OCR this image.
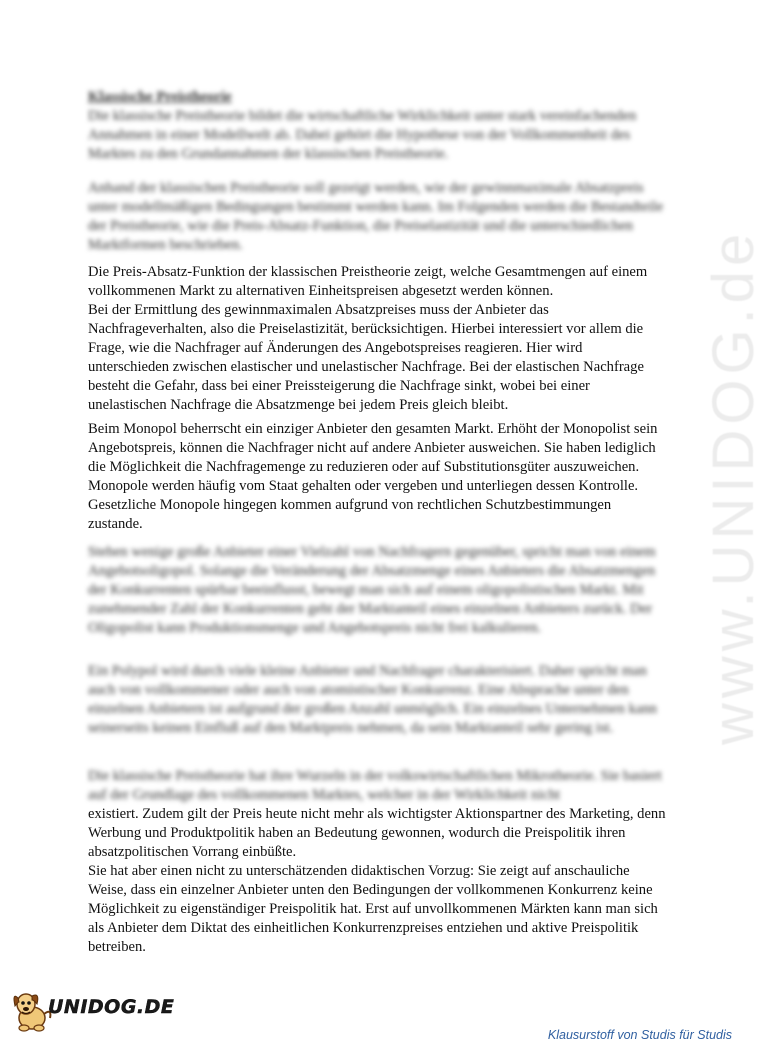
www.UNIDOG.de
Klassische Preistheorie
Die klassische Preistheorie bildet die wirtschaftliche Wirklichkeit unter stark vereinfachenden Annahmen in einer Modellwelt ab. Dabei gehört die Hypothese von der Vollkommenheit des Marktes zu den Grundannahmen der klassischen Preistheorie.
Anhand der klassischen Preistheorie soll gezeigt werden, wie der gewinnmaximale Absatzpreis unter modellmäßigen Bedingungen bestimmt werden kann. Im Folgenden werden die Bestandteile der Preistheorie, wie die Preis-Absatz-Funktion, die Preiselastizität und die unterschiedlichen Marktformen beschrieben.
Die Preis-Absatz-Funktion der klassischen Preistheorie zeigt, welche Gesamtmengen auf einem vollkommenen Markt zu alternativen Einheitspreisen abgesetzt werden können.
Bei der Ermittlung des gewinnmaximalen Absatzpreises muss der Anbieter das Nachfrageverhalten, also die Preiselastizität, berücksichtigen. Hierbei interessiert vor allem die Frage, wie die Nachfrager auf Änderungen des Angebotspreises reagieren. Hier wird unterschieden zwischen elastischer und unelastischer Nachfrage. Bei der elastischen Nachfrage besteht die Gefahr, dass bei einer Preissteigerung die Nachfrage sinkt, wobei bei einer unelastischen Nachfrage die Absatzmenge bei jedem Preis gleich bleibt.
Beim Monopol beherrscht ein einziger Anbieter den gesamten Markt. Erhöht der Monopolist sein Angebotspreis, können die Nachfrager nicht auf andere Anbieter ausweichen. Sie haben lediglich die Möglichkeit die Nachfragemenge zu reduzieren oder auf Substitutionsgüter auszuweichen. Monopole werden häufig vom Staat gehalten oder vergeben und unterliegen dessen Kontrolle. Gesetzliche Monopole hingegen kommen aufgrund von rechtlichen Schutzbestimmungen zustande.
Stehen wenige große Anbieter einer Vielzahl von Nachfragern gegenüber, spricht man von einem Angebotsoligopol. Solange die Veränderung der Absatzmenge eines Anbieters die Absatzmengen der Konkurrenten spürbar beeinflusst, bewegt man sich auf einem oligopolistischen Markt. Mit zunehmender Zahl der Konkurrenten geht der Marktanteil eines einzelnen Anbieters zurück. Der Oligopolist kann Produktionsmenge und Angebotspreis nicht frei kalkulieren.
Ein Polypol wird durch viele kleine Anbieter und Nachfrager charakterisiert. Daher spricht man auch von vollkommener oder auch von atomistischer Konkurrenz. Eine Absprache unter den einzelnen Anbietern ist aufgrund der großen Anzahl unmöglich. Ein einzelnes Unternehmen kann seinerseits keinen Einfluß auf den Marktpreis nehmen, da sein Marktanteil sehr gering ist.
Die klassische Preistheorie hat ihre Wurzeln in der volkswirtschaftlichen Mikrotheorie. Sie basiert auf der Grundlage des vollkommenen Marktes, welcher in der Wirklichkeit nicht
existiert. Zudem gilt der Preis heute nicht mehr als wichtigster Aktionspartner des Marketing, denn Werbung und Produktpolitik haben an Bedeutung gewonnen, wodurch die Preispolitik ihren absatzpolitischen Vorrang einbüßte.
Sie hat aber einen nicht zu unterschätzenden didaktischen Vorzug: Sie zeigt auf anschauliche Weise, dass ein einzelner Anbieter unten den Bedingungen der vollkommenen Konkurrenz keine Möglichkeit zu eigenständiger Preispolitik hat. Erst auf unvollkommenen Märkten kann man sich als Anbieter dem Diktat des einheitlichen Konkurrenzpreises entziehen und aktive Preispolitik betreiben.
UNIDOG.DE
Klausurstoff von Studis für Studis
